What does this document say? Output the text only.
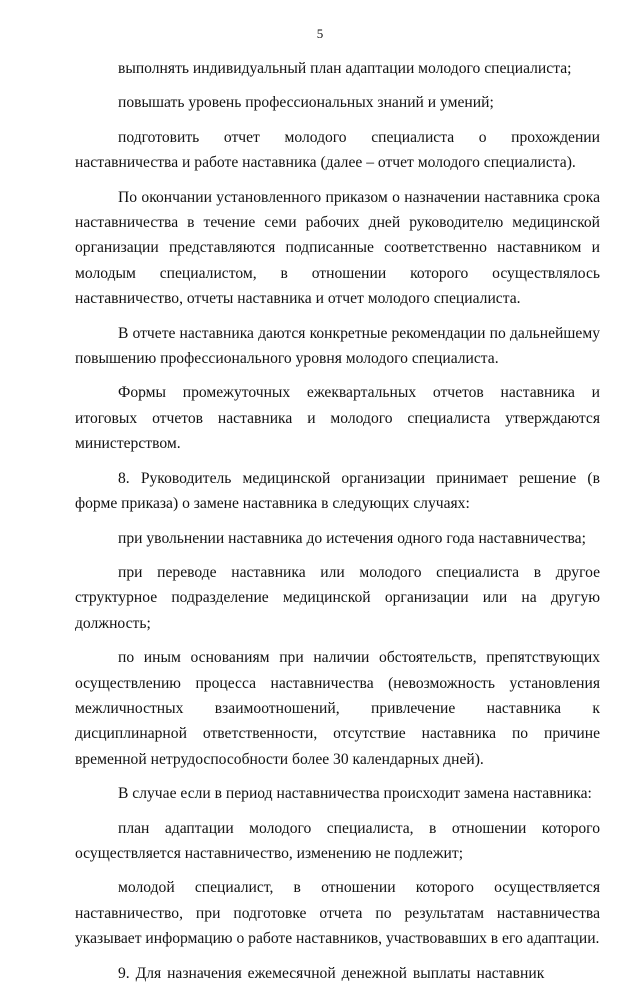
5

выполнять индивидуальный план адаптации молодого специалиста;

повышать уровень профессиональных знаний и умений;

подготовить отчет молодого специалиста о прохождении наставничества и работе наставника (далее – отчет молодого специалиста).

По окончании установленного приказом о назначении наставника срока наставничества в течение семи рабочих дней руководителю медицинской организации представляются подписанные соответственно наставником и молодым специалистом, в отношении которого осуществлялось наставничество, отчеты наставника и отчет молодого специалиста.

В отчете наставника даются конкретные рекомендации по дальнейшему повышению профессионального уровня молодого специалиста.

Формы промежуточных ежеквартальных отчетов наставника и итоговых отчетов наставника и молодого специалиста утверждаются министерством.

8. Руководитель медицинской организации принимает решение (в форме приказа) о замене наставника в следующих случаях:

при увольнении наставника до истечения одного года наставничества;

при переводе наставника или молодого специалиста в другое структурное подразделение медицинской организации или на другую должность;

по иным основаниям при наличии обстоятельств, препятствующих осуществлению процесса наставничества (невозможность установления межличностных взаимоотношений, привлечение наставника к дисциплинарной ответственности, отсутствие наставника по причине временной нетрудоспособности более 30 календарных дней).

В случае если в период наставничества происходит замена наставника:

план адаптации молодого специалиста, в отношении которого осуществляется наставничество, изменению не подлежит;

молодой специалист, в отношении которого осуществляется наставничество, при подготовке отчета по результатам наставничества указывает информацию о работе наставников, участвовавших в его адаптации.

9. Для назначения ежемесячной денежной выплаты наставник
